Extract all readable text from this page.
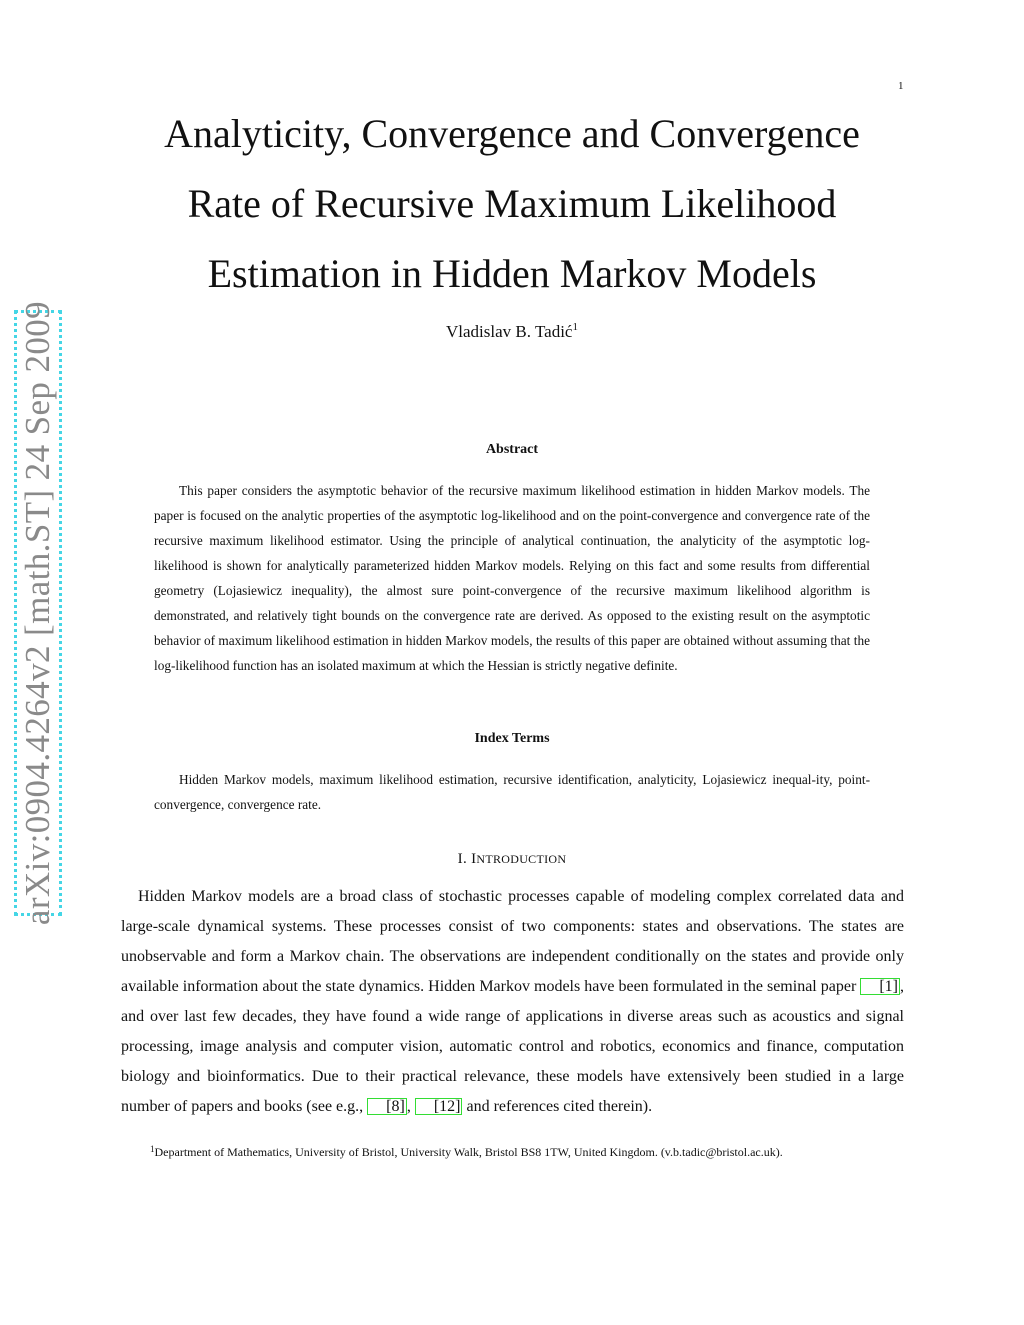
1
arXiv:0904.4264v2 [math.ST] 24 Sep 2009
Analyticity, Convergence and Convergence
Rate of Recursive Maximum Likelihood
Estimation in Hidden Markov Models
Vladislav B. Tadić$^1$
Abstract

This paper considers the asymptotic behavior of the recursive maximum likelihood estimation in hidden Markov models. The paper is focused on the analytic properties of the asymptotic log-likelihood and on the point-convergence and convergence rate of the recursive maximum likelihood estimator. Using the principle of analytical continuation, the analyticity of the asymptotic log-likelihood is shown for analytically parameterized hidden Markov models. Relying on this fact and some results from differential geometry (Lojasiewicz inequality), the almost sure point-convergence of the recursive maximum likelihood algorithm is demonstrated, and relatively tight bounds on the convergence rate are derived. As opposed to the existing result on the asymptotic behavior of maximum likelihood estimation in hidden Markov models, the results of this paper are obtained without assuming that the log-likelihood function has an isolated maximum at which the Hessian is strictly negative definite.

Index Terms

Hidden Markov models, maximum likelihood estimation, recursive identification, analyticity, Lojasiewicz inequal-ity, point-convergence, convergence rate.

I. INTRODUCTION

Hidden Markov models are a broad class of stochastic processes capable of modeling complex correlated data and large-scale dynamical systems. These processes consist of two components: states and observations. The states are unobservable and form a Markov chain. The observations are independent conditionally on the states and provide only available information about the state dynamics. Hidden Markov models have been formulated in the seminal paper [1] , and over last few decades, they have found a wide range of applications in diverse areas such as acoustics and signal processing, image analysis and computer vision, automatic control and robotics, economics and finance, computation biology and bioinformatics. Due to their practical relevance, these models have extensively been studied in a large number of papers and books (see e.g., [8] , [12] and references cited therein).

$^1$Department of Mathematics, University of Bristol, University Walk, Bristol BS8 1TW, United Kingdom. (v.b.tadic@bristol.ac.uk).
